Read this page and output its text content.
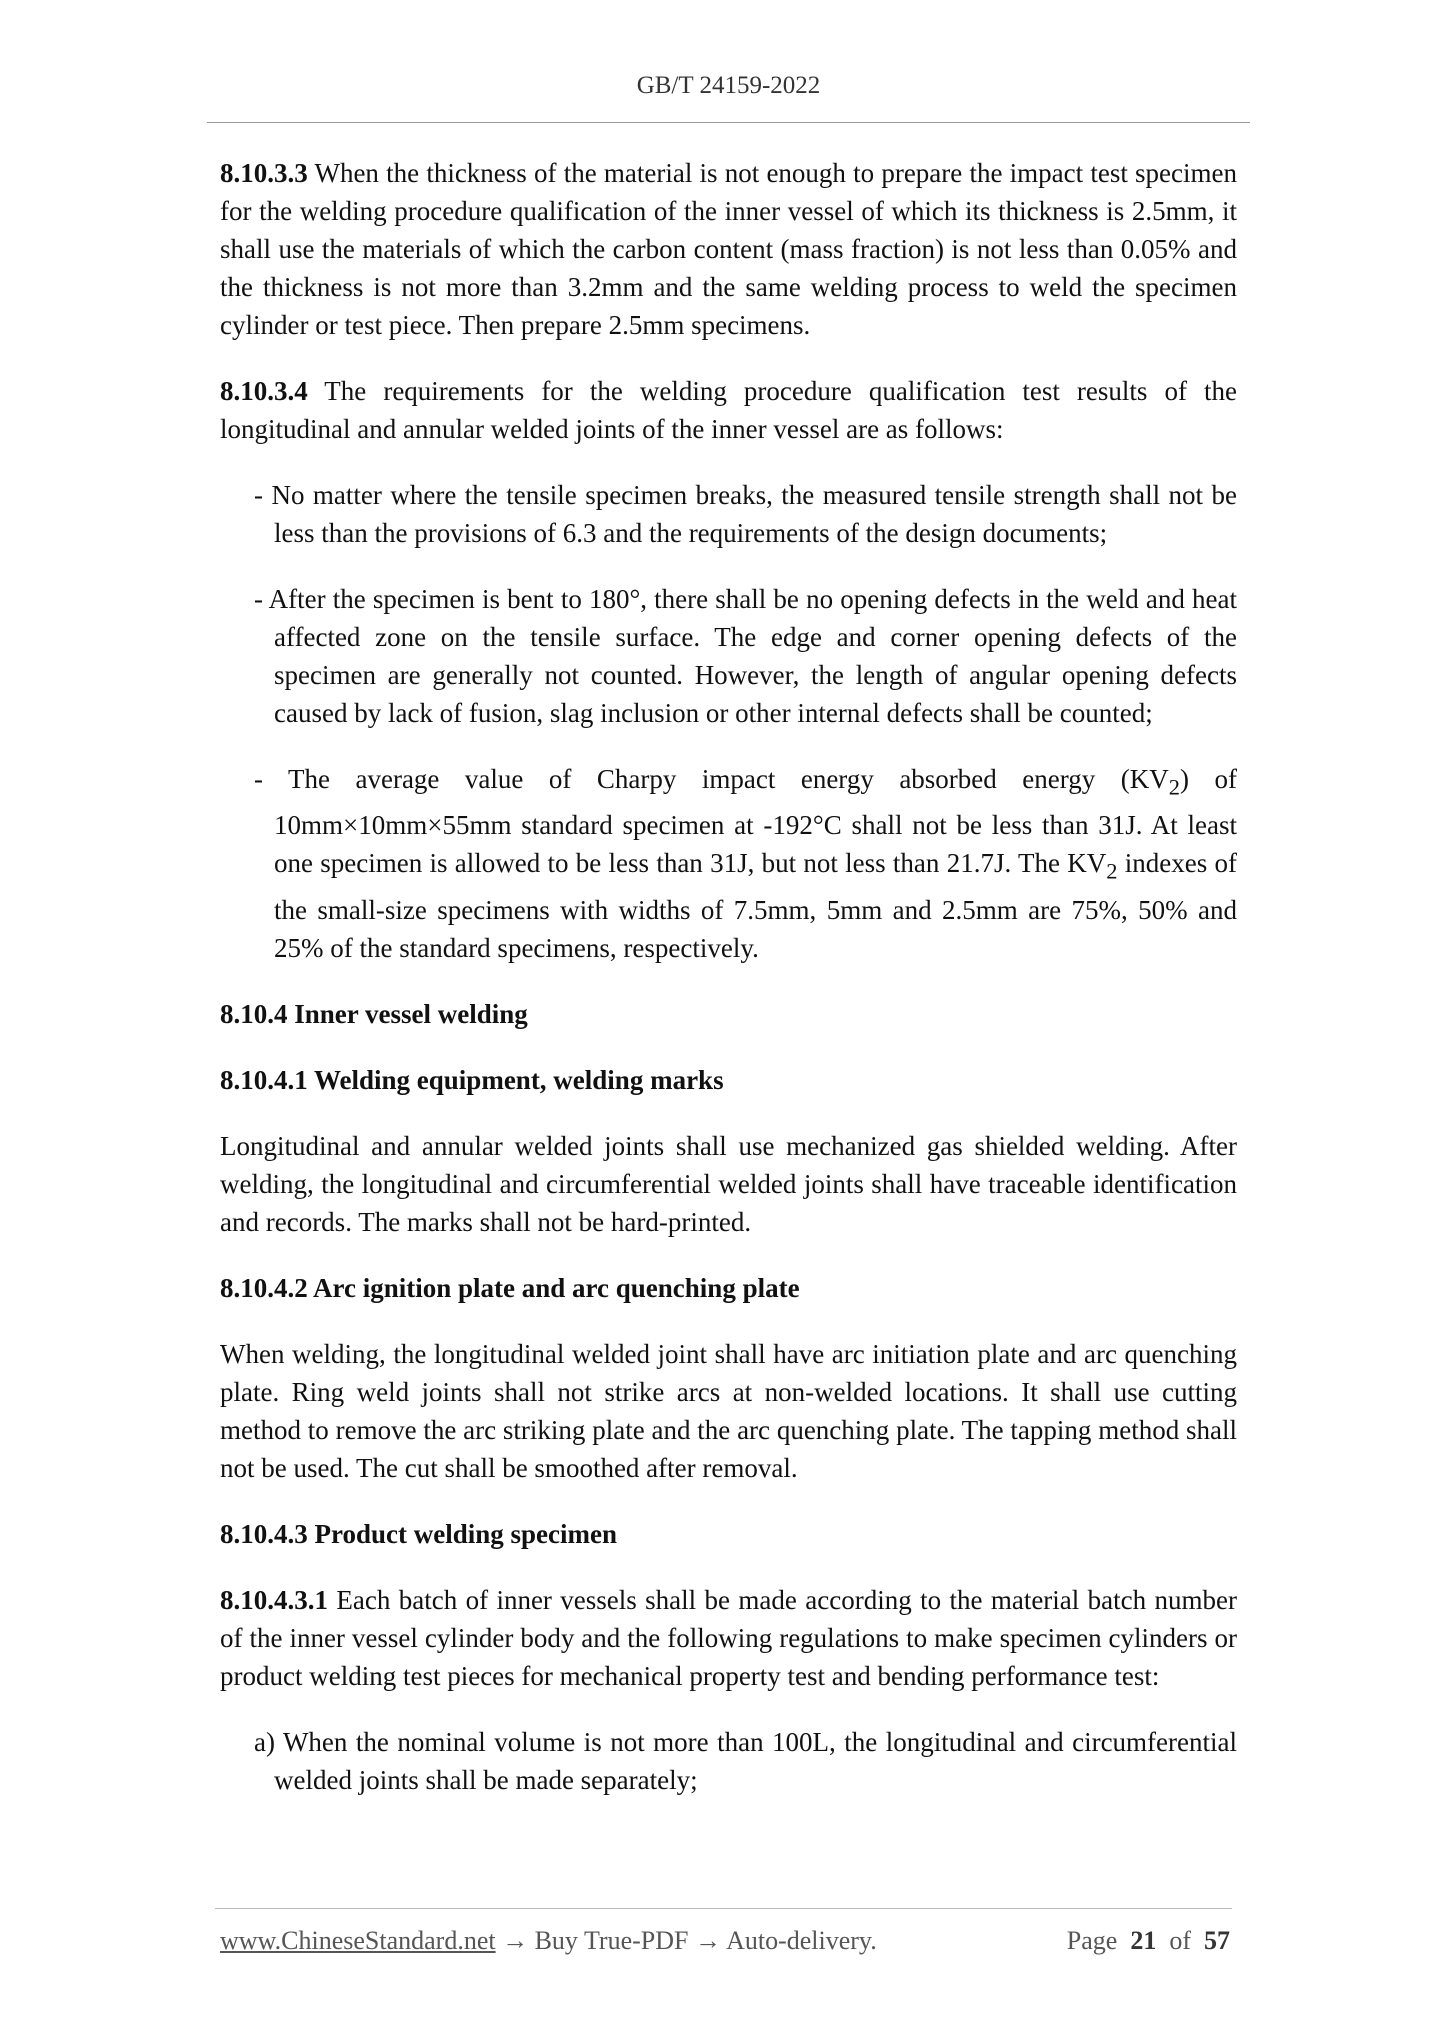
GB/T 24159-2022

8.10.3.3 When the thickness of the material is not enough to prepare the impact test specimen for the welding procedure qualification of the inner vessel of which its thickness is 2.5mm, it shall use the materials of which the carbon content (mass fraction) is not less than 0.05% and the thickness is not more than 3.2mm and the same welding process to weld the specimen cylinder or test piece. Then prepare 2.5mm specimens.

8.10.3.4 The requirements for the welding procedure qualification test results of the longitudinal and annular welded joints of the inner vessel are as follows:

- No matter where the tensile specimen breaks, the measured tensile strength shall not be less than the provisions of 6.3 and the requirements of the design documents;

- After the specimen is bent to 180°, there shall be no opening defects in the weld and heat affected zone on the tensile surface. The edge and corner opening defects of the specimen are generally not counted. However, the length of angular opening defects caused by lack of fusion, slag inclusion or other internal defects shall be counted;

- The average value of Charpy impact energy absorbed energy $(KV_2)$ of 10mm×10mm×55mm standard specimen at -192°C shall not be less than 31J. At least one specimen is allowed to be less than 31J, but not less than 21.7J. The $KV_2$ indexes of the small-size specimens with widths of 7.5mm, 5mm and 2.5mm are 75%, 50% and 25% of the standard specimens, respectively.

8.10.4 Inner vessel welding

8.10.4.1 Welding equipment, welding marks

Longitudinal and annular welded joints shall use mechanized gas shielded welding. After welding, the longitudinal and circumferential welded joints shall have traceable identification and records. The marks shall not be hard-printed.

8.10.4.2 Arc ignition plate and arc quenching plate

When welding, the longitudinal welded joint shall have arc initiation plate and arc quenching plate. Ring weld joints shall not strike arcs at non-welded locations. It shall use cutting method to remove the arc striking plate and the arc quenching plate. The tapping method shall not be used. The cut shall be smoothed after removal.

8.10.4.3 Product welding specimen

8.10.4.3.1 Each batch of inner vessels shall be made according to the material batch number of the inner vessel cylinder body and the following regulations to make specimen cylinders or product welding test pieces for mechanical property test and bending performance test:

a) When the nominal volume is not more than 100L, the longitudinal and circumferential welded joints shall be made separately;

www.ChineseStandard.net → Buy True-PDF → Auto-delivery.	Page 21 of 57
